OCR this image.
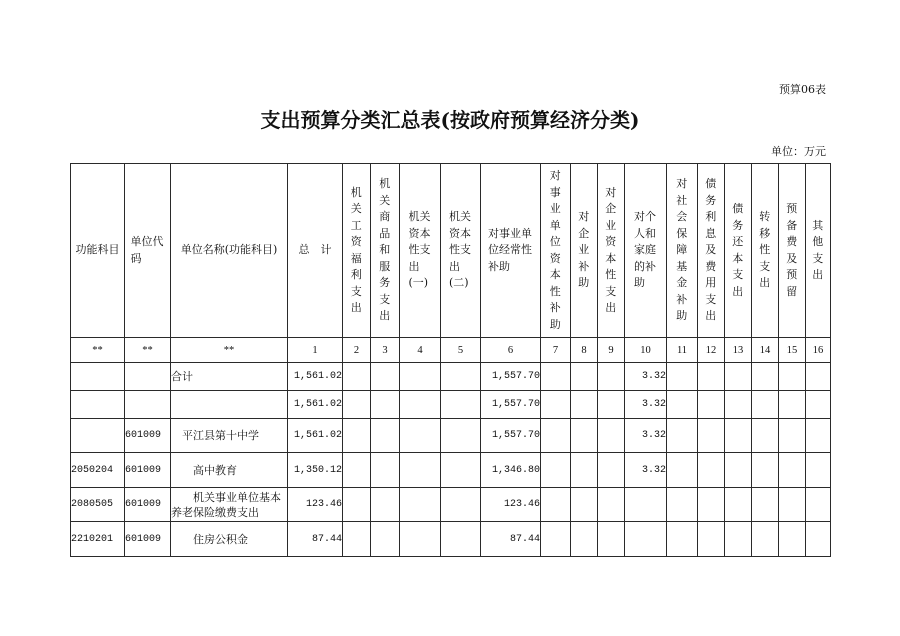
预算06表
支出预算分类汇总表(按政府预算经济分类)
单位：万元
功能科目	单位代码	单位名称(功能科目)	总　计	机关工资福利支出	机关商品和服务支出	机关资本性支出(一)	机关资本性支出(二)	对事业单位经常性补助	对事业单位资本性补助	对企业补助	对企业资本性支出	对个人和家庭的补助	对社会保障基金补助	债务利息及费用支出	债务还本支出	转移性支出	预备费及预留	其他支出
**	**	**	1	2	3	4	5	6	7	8	9	10	11	12	13	14	15	16
		合计	1,561.02					1,557.70				3.32						
			1,561.02					1,557.70				3.32						
	601009	平江县第十中学	1,561.02					1,557.70				3.32						
2050204	601009	高中教育	1,350.12					1,346.80				3.32						
2080505	601009	机关事业单位基本养老保险缴费支出	123.46					123.46										
2210201	601009	住房公积金	87.44					87.44										
